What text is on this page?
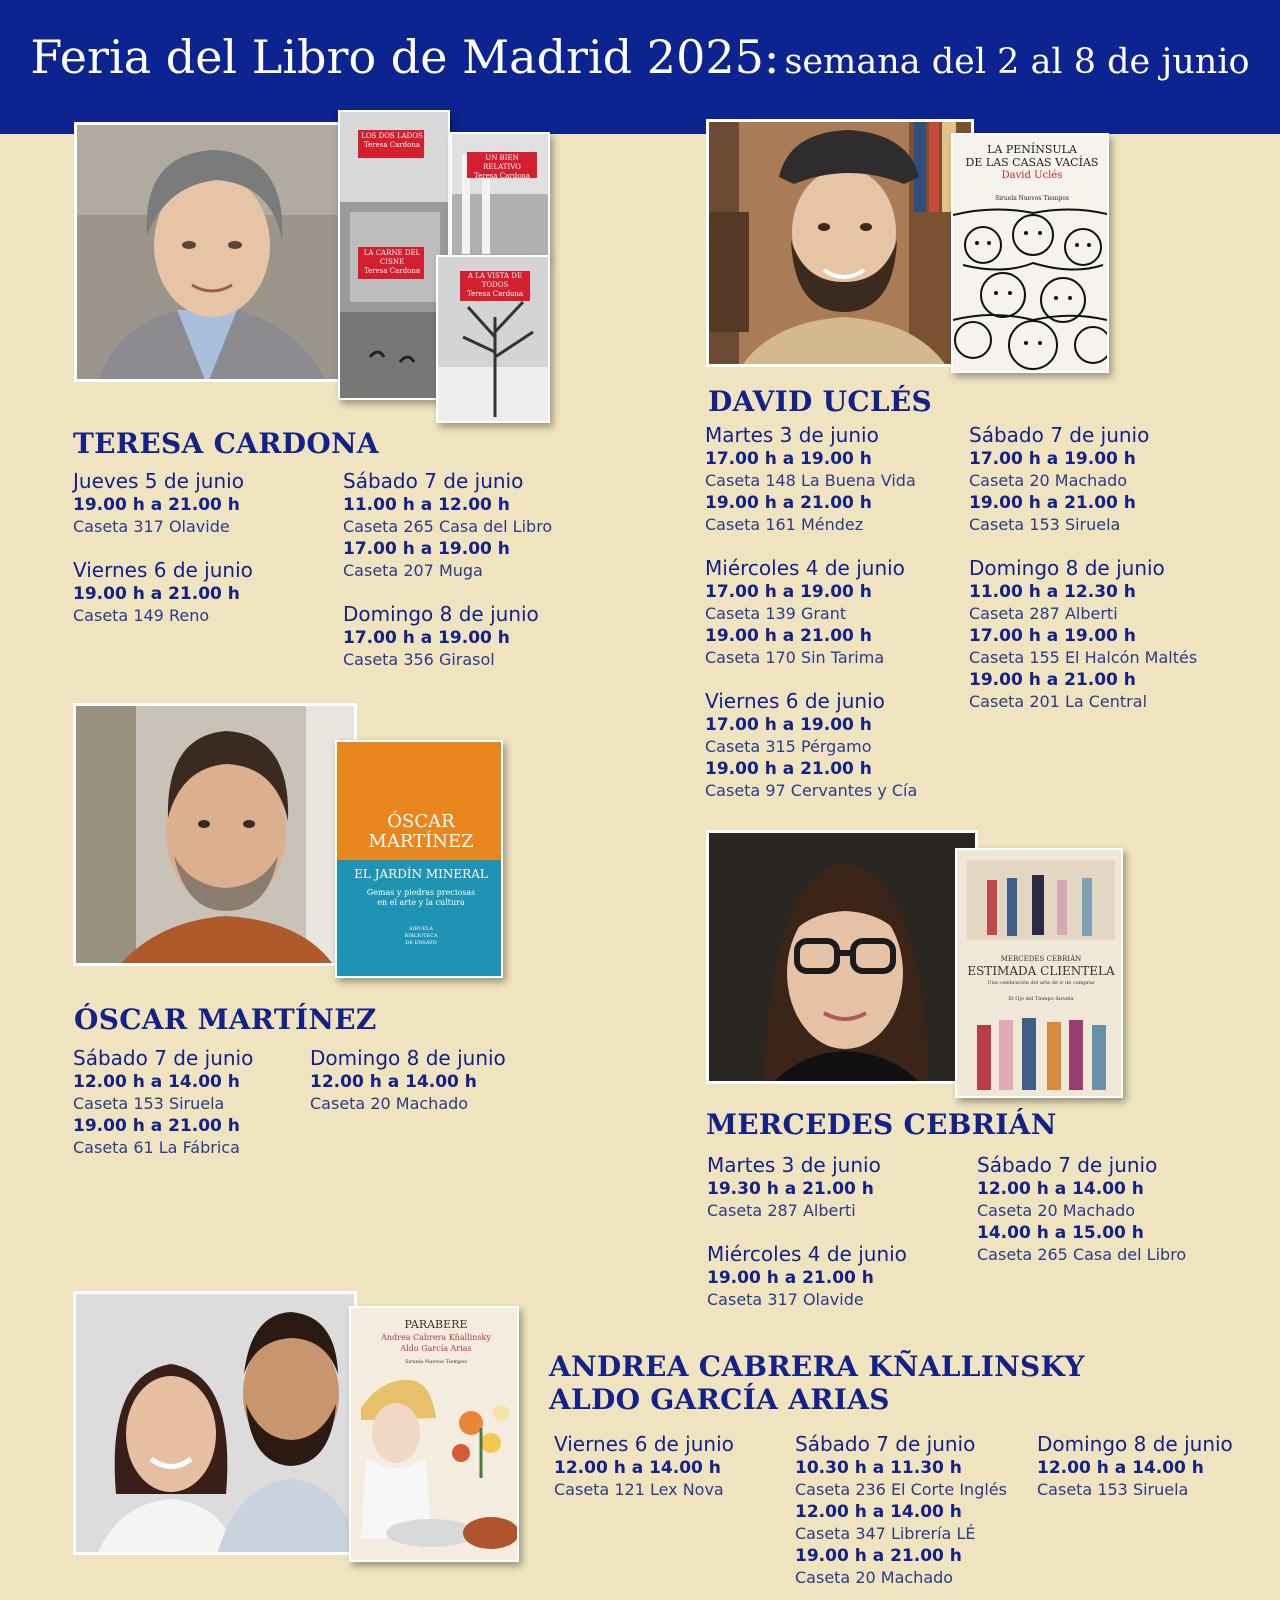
Feria del Libro de Madrid 2025: semana del 2 al 8 de junio
LOS DOS LADOS
Teresa Cardona
LA CARNE DEL CISNE
Teresa Cardona
UN BIEN RELATIVO
Teresa Cardona
A LA VISTA DE TODOS
Teresa Cardona
TERESA CARDONA
Jueves 5 de junio
19.00 h a 21.00 h
Caseta 317 Olavide
Viernes 6 de junio
19.00 h a 21.00 h
Caseta 149 Reno
Sábado 7 de junio
11.00 h a 12.00 h
Caseta 265 Casa del Libro
17.00 h a 19.00 h
Caseta 207 Muga
Domingo 8 de junio
17.00 h a 19.00 h
Caseta 356 Girasol
LA PENÍNSULA
DE LAS CASAS VACÍAS
David Uclés
Siruela Nuevos Tiempos
DAVID UCLÉS
Martes 3 de junio
17.00 h a 19.00 h
Caseta 148 La Buena Vida
19.00 h a 21.00 h
Caseta 161 Méndez
Miércoles 4 de junio
17.00 h a 19.00 h
Caseta 139 Grant
19.00 h a 21.00 h
Caseta 170 Sin Tarima
Viernes 6 de junio
17.00 h a 19.00 h
Caseta 315 Pérgamo
19.00 h a 21.00 h
Caseta 97 Cervantes y Cía
Sábado 7 de junio
17.00 h a 19.00 h
Caseta 20 Machado
19.00 h a 21.00 h
Caseta 153 Siruela
Domingo 8 de junio
11.00 h a 12.30 h
Caseta 287 Alberti
17.00 h a 19.00 h
Caseta 155 El Halcón Maltés
19.00 h a 21.00 h
Caseta 201 La Central
ÓSCAR
MARTÍNEZ
EL JARDÍN MINERAL
Gemas y piedras preciosas
en el arte y la cultura
SIRUELA
BIBLIOTECA
DE ENSAYO
ÓSCAR MARTÍNEZ
Sábado 7 de junio
12.00 h a 14.00 h
Caseta 153 Siruela
19.00 h a 21.00 h
Caseta 61 La Fábrica
Domingo 8 de junio
12.00 h a 14.00 h
Caseta 20 Machado
MERCEDES CEBRIÁN
ESTIMADA CLIENTELA
Una celebración del arte de ir de compras
El Ojo del Tiempo Siruela
MERCEDES CEBRIÁN
Martes 3 de junio
19.30 h a 21.00 h
Caseta 287 Alberti
Miércoles 4 de junio
19.00 h a 21.00 h
Caseta 317 Olavide
Sábado 7 de junio
12.00 h a 14.00 h
Caseta 20 Machado
14.00 h a 15.00 h
Caseta 265 Casa del Libro
PARABERE
Andrea Cabrera Kñallinsky
Aldo García Arias
Siruela Nuevos Tiempos	ANDREA CABRERA KÑALLINSKY
ALDO GARCÍA ARIAS
Viernes 6 de junio
12.00 h a 14.00 h
Caseta 121 Lex Nova
Sábado 7 de junio
10.30 h a 11.30 h
Caseta 236 El Corte Inglés
12.00 h a 14.00 h
Caseta 347 Librería LÉ
19.00 h a 21.00 h
Caseta 20 Machado
Domingo 8 de junio
12.00 h a 14.00 h
Caseta 153 Siruela
